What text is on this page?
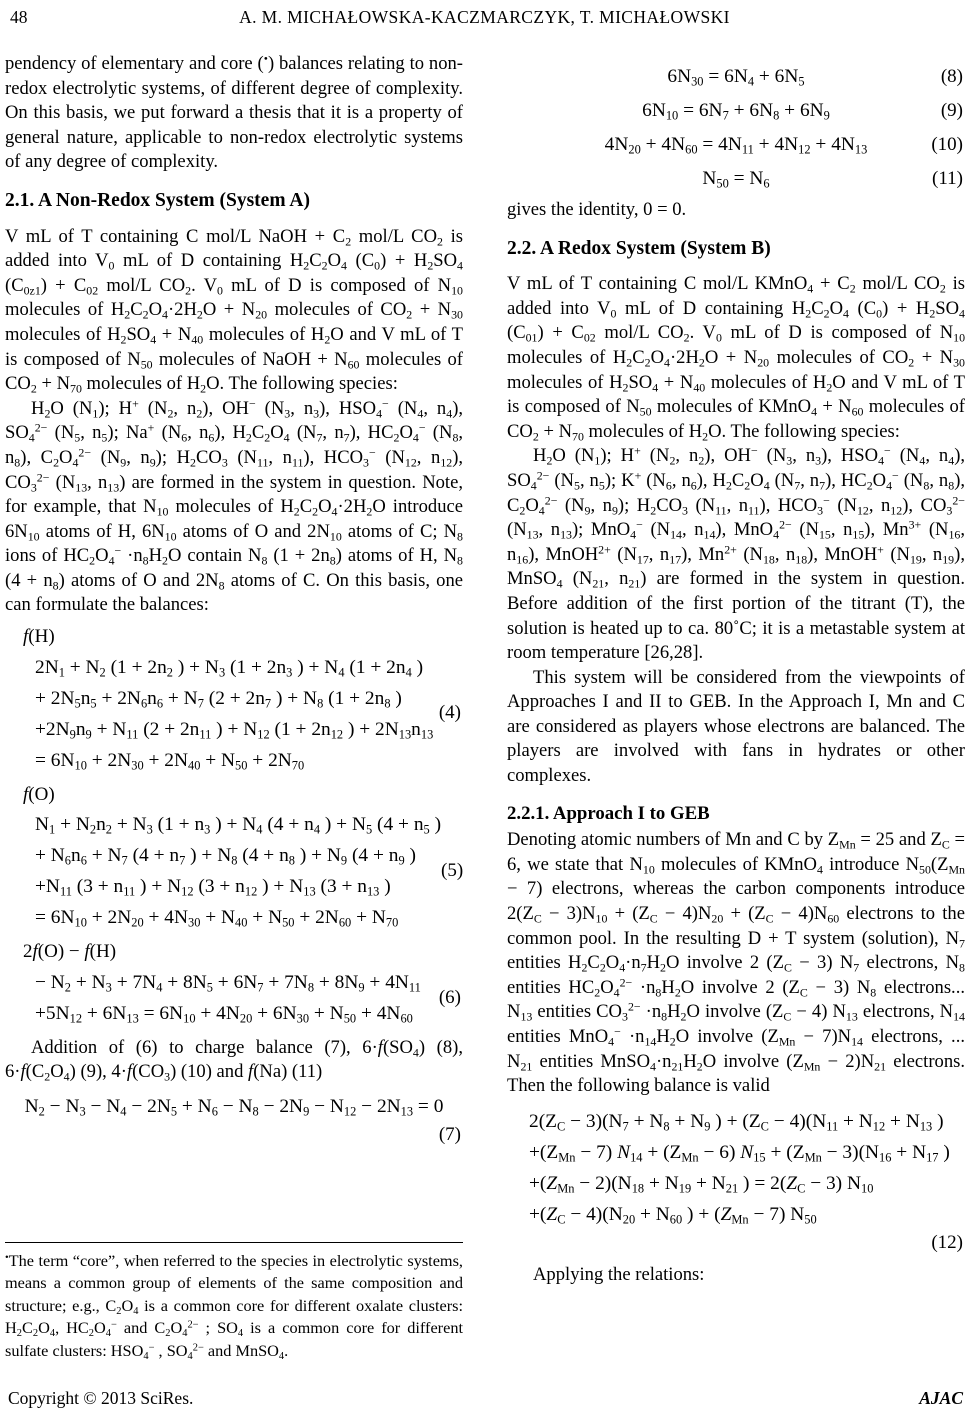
48	A. M. MICHAŁOWSKA-KACZMARCZYK, T. MICHAŁOWSKI

pendency of elementary and core (•) balances relating to non-redox electrolytic systems, of different degree of complexity. On this basis, we put forward a thesis that it is a property of general nature, applicable to non-redox electrolytic systems of any degree of complexity.

2.1. A Non-Redox System (System A)

V mL of T containing C mol/L NaOH + $C_2$ mol/L $CO_2$ is added into $V_0$ mL of D containing $H_2C_2O_4$ $(C_0) + H_2SO_4$ $(C_{0z1}) + C_{02}$ mol/L $CO_2$. $V_0$ mL of D is composed of $N_{10}$ molecules of $H_2C_2O_4\cdot 2H_2O + N_{20}$ molecules of $CO_2 + N_{30}$ molecules of $H_2SO_4 + N_{40}$ molecules of $H_2O$ and V mL of T is composed of $N_{50}$ molecules of NaOH + $N_{60}$ molecules of $CO_2 + N_{70}$ molecules of $H_2O$. The following species:

$H_2O$ $(N_1)$; H+ ($N_2$, $n_2$), OH− ($N_3$, $n_3$), $HSO_4^-$ ($N_4$, $n_4$), $SO_4^{2-}$ ($N_5$, $n_5$); Na+ ($N_6$, $n_6$), $H_2C_2O_4$ ($N_7$, $n_7$), $HC_2O_4^-$ ($N_8$, $n_8$), $C_2O_4^{2-}$ ($N_9$, $n_9$); $H_2CO_3$ ($N_{11}$, $n_{11}$), $HCO_3^-$ ($N_{12}$, $n_{12}$), $CO_3^{2-}$ ($N_{13}$, $n_{13}$) are formed in the system in question. Note, for example, that $N_{10}$ molecules of $H_2C_2O_4\cdot 2H_2O$ introduce $6N_{10}$ atoms of H, $6N_{10}$ atoms of O and $2N_{10}$ atoms of C; $N_8$ ions of $HC_2O_4^- \cdot n_8H_2O$ contain $N_8$ $(1 + 2n_8)$ atoms of H, $N_8$ $(4 + n_8)$ atoms of O and $2N_8$ atoms of C. On this basis, one can formulate the balances:

f(H)
$2N_1 + N_2$ ($1 + 2n_2$ ) + $N_3$ ($1 + 2n_3$ ) + $N_4$ ($1 + 2n_4$ )
+ $2N_5n_5 + 2N_6n_6 + N_7$ ($2 + 2n_7$ ) + $N_8$ ($1 + 2n_8$ )
$+2N_9n_9 + N_{11}$ ($2 + 2n_{11}$ ) + $N_{12}$ ($1 + 2n_{12}$ ) + $2N_{13}n_{13}$
= $6N_{10} + 2N_{30} + 2N_{40} + N_{50} + 2N_{70}$
(4)
f(O)
$N_1 + N_2n_2 + N_3$ ($1 + n_3$ ) + $N_4$ ($4 + n_4$ ) + $N_5$ ($4 + n_5$ )
+ $N_6n_6 + N_7$ ($4 + n_7$ ) + $N_8$ ($4 + n_8$ ) + $N_9$ ($4 + n_9$ )
$+N_{11}$ ($3 + n_{11}$ ) + $N_{12}$ ($3 + n_{12}$ ) + $N_{13}$ ($3 + n_{13}$ )
= $6N_{10} + 2N_{20} + 4N_{30} + N_{40} + N_{50} + 2N_{60} + N_{70}$
(5)
2f(O) − f(H)
− $N_2 + N_3 + 7N_4 + 8N_5 + 6N_7 + 7N_8 + 8N_9 + 4N_{11}$
$+5N_{12} + 6N_{13} = 6N_{10} + 4N_{20} + 6N_{30} + N_{50} + 4N_{60}$
(6)

Addition of (6) to charge balance (7), $6\cdot f(SO_4)$ (8), $6\cdot f(C_2O_4)$ (9), $4\cdot f(CO_3)$ (10) and f(Na) (11)

$N_2 - N_3 - N_4 - 2N_5 + N_6 - N_8 - 2N_9 - N_{12} - 2N_{13} = 0$
(7)
$6N_{30} = 6N_4 + 6N_5$	(8)
$6N_{10} = 6N_7 + 6N_8 + 6N_9$	(9)
$4N_{20} + 4N_{60} = 4N_{11} + 4N_{12} + 4N_{13}$	(10)
$N_{50} = N_6$	(11)

gives the identity, 0 = 0.

2.2. A Redox System (System B)

V mL of T containing C mol/L KMnO$_4$ + $C_2$ mol/L $CO_2$ is added into $V_0$ mL of D containing $H_2C_2O_4$ $(C_0) + H_2SO_4$ $(C_{01}) + C_{02}$ mol/L $CO_2$. $V_0$ mL of D is composed of $N_{10}$ molecules of $H_2C_2O_4\cdot 2H_2O + N_{20}$ molecules of $CO_2 + N_{30}$ molecules of $H_2SO_4 + N_{40}$ molecules of $H_2O$ and V mL of T is composed of $N_{50}$ molecules of KMnO$_4$ + $N_{60}$ molecules of $CO_2 + N_{70}$ molecules of $H_2O$. The following species:

$H_2O$ $(N_1)$; H+ ($N_2$, $n_2$), OH− ($N_3$, $n_3$), $HSO_4^-$ ($N_4$, $n_4$), $SO_4^{2-}$ ($N_5$, $n_5$); K+ ($N_6$, $n_6$), $H_2C_2O_4$ ($N_7$, $n_7$), $HC_2O_4^-$ ($N_8$, $n_8$), $C_2O_4^{2-}$ ($N_9$, $n_9$); $H_2CO_3$ ($N_{11}$, $n_{11}$), $HCO_3^-$ ($N_{12}$, $n_{12}$), $CO_3^{2-}$ ($N_{13}$, $n_{13}$); MnO$_4$− ($N_{14}$, $n_{14}$), MnO$_4^{2-}$ ($N_{15}$, $n_{15}$), $Mn^{3+}$ ($N_{16}$, $n_{16}$), MnOH$^{2+}$ ($N_{17}$, $n_{17}$), $Mn^{2+}$ ($N_{18}$, $n_{18}$), MnOH+ ($N_{19}$, $n_{19}$), MnSO$_4$ ($N_{21}$, $n_{21}$) are formed in the system in question. Before addition of the first portion of the titrant (T), the solution is heated up to ca. 80˚C; it is a metastable system at room temperature [26,28].

This system will be considered from the viewpoints of Approaches I and II to GEB. In the Approach I, Mn and C are considered as players whose electrons are balanced. The players are involved with fans in hydrates or other complexes.

2.2.1. Approach I to GEB

Denoting atomic numbers of Mn and C by $Z_{Mn} = 25$ and $Z_C = 6$, we state that $N_{10}$ molecules of KMnO$_4$ introduce $N_{50}(Z_{Mn} - 7)$ electrons, whereas the carbon components introduce $2(Z_C - 3)N_{10} + (Z_C - 4)N_{20} + (Z_C - 4)N_{60}$ electrons to the common pool. In the resulting D + T system (solution), $N_7$ entities $H_2C_2O_4\cdot n_7H_2O$ involve 2 $(Z_C - 3)$ $N_7$ electrons, $N_8$ entities $HC_2O_4^{2-} \cdot n_8H_2O$ involve 2 $(Z_C - 3)$ $N_8$ electrons... $N_{13}$ entities $CO_3^{2-} \cdot n_8H_2O$ involve $(Z_C - 4)$ $N_{13}$ electrons, $N_{14}$ entities $MnO_4^- \cdot n_{14}H_2O$ involve $(Z_{Mn} - 7)N_{14}$ electrons, ... $N_{21}$ entities $MnSO_4\cdot n_{21}H_2O$ involve $(Z_{Mn} - 2)N_{21}$ electrons. Then the following balance is valid

$2(Z_C - 3)(N_7 + N_8 + N_9$ ) + $(Z_C - 4)(N_{11} + N_{12} + N_{13}$ )
$+(Z_{Mn} - 7) N_{14} + (Z_{Mn} - 6) N_{15} + (Z_{Mn} - 3)(N_{16} + N_{17}$ )
$+(Z_{Mn} - 2)(N_{18} + N_{19} + N_{21}$ ) = $2(Z_C - 3)$ $N_{10}$
$+(Z_C - 4)(N_{20} + N_{60}$ ) + $(Z_{Mn} - 7)$ $N_{50}$
(12)

Applying the relations:

•The term “core”, when referred to the species in electrolytic systems, means a common group of elements of the same composition and structure; e.g., $C_2O_4$ is a common core for different oxalate clusters: $H_2C_2O_4$, $HC_2O_4^-$ and $C_2O_4^{2-}$ ; $SO_4$ is a common core for different sulfate clusters: $HSO_4^-$ , $SO_4^{2-}$ and MnSO$_4$.

Copyright © 2013 SciRes.	AJAC
